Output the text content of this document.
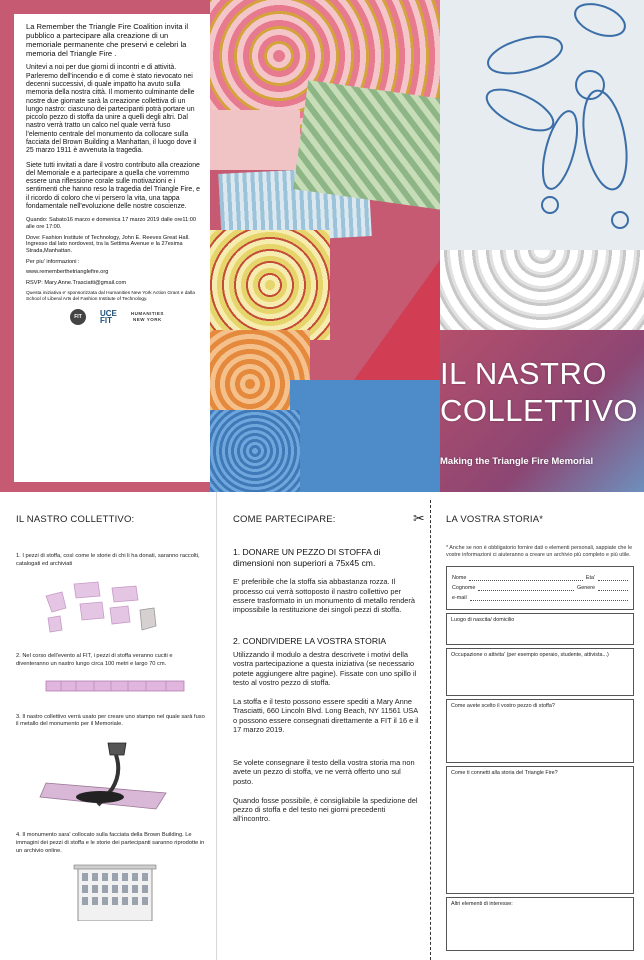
La Remember the Triangle Fire Coalition invita il pubblico a partecipare alla creazione di un memoriale permanente che preservi e celebri la memoria del Triangle Fire .

Unitevi a noi per due giorni di incontri e di attività. Parleremo dell'incendio e di come è stato rievocato nei decenni successivi, di quale impatto ha avuto sulla memoria della nostra città. Il momento culminante delle nostre due giornate sarà la creazione collettiva di un lungo nastro: ciascuno dei partecipanti potrà portare un piccolo pezzo di stoffa da unire a quelli degli altri. Dal nastro verrà tratto un calco nel quale verrà fuso l'elemento centrale del monumento da collocare sulla facciata del Brown Building a Manhattan, il luogo dove il 25 marzo 1911 è avvenuta la tragedia.

Siete tutti invitati a dare il vostro contributo alla creazione del Memoriale e a partecipare a quella che vorremmo essere una riflessione corale sulle motivazioni e i sentimenti che hanno reso la tragedia del Triangle Fire, e il ricordo di coloro che vi persero la vita, una tappa fondamentale nell'evoluzione delle nostre coscienze.

Quando: Sabato16 marzo e domenica 17 marzo 2019 dalle ore11:00 alle ore 17:00.

Dove: Fashion Institute of Technology, John E. Reeves Great Hall. Ingresso dal lato nordovest, tra la Settima Avenue e la 27esima Strada,Manhattan.

Per piu' informazioni :

www.rememberthetrianglefire.org

RSVP: Mary.Anne.Trasciatti@gmail.com

Questa iniziativa e' sponsorizzata dal Humanities New York Action Grant e dalla School of Liberal Arts del Fashion Institute of Technology.

FIT	UCE
FIT
HUMANITIES
NEW YORK
IL NASTRO
COLLETTIVO
Making the Triangle Fire Memorial
IL NASTRO COLLETTIVO:
1. I pezzi di stoffa, così come le storie di chi li ha donati, saranno raccolti, catalogati ed archiviati
2. Nel corso dell'evento al FIT, i pezzi di stoffa veranno cuciti e diventeranno un nastro lungo circa 100 metri e largo 70 cm.
3. Il nastro collettivo verrà usato per creare uno stampo nel quale sarà fuso il metallo del monumento per il Memoriale.
4. Il monumento sara' collocato sulla facciata della Brown Building. Le immagini dei pezzi di stoffa e le storie dei partecipanti saranno riprodotte in un archivio online.
COME PARTECIPARE:
1. DONARE UN PEZZO DI STOFFA di dimensioni non superiori a 75x45 cm.
E' preferibile che la stoffa sia abbastanza rozza. Il processo cui verrà sottoposto il nastro collettivo per essere trasformato in un monumento di metallo renderà impossibile la restituzione dei singoli pezzi di stoffa.
2. CONDIVIDERE LA VOSTRA STORIA
Utilizzando il modulo a destra descrivete i motivi della vostra partecipazione a questa iniziativa (se necessario potete aggiungere altre pagine). Fissate con uno spillo il testo al vostro pezzo di stoffa.
La stoffa e il testo possono essere spediti a Mary Anne Trasciatti, 660 Lincoln Blvd. Long Beach, NY 11561 USA o possono essere consegnati direttamente a FIT il 16 e il 17 marzo 2019.
Se volete consegnare il testo della vostra storia ma non avete un pezzo di stoffa, ve ne verrà offerto uno sul posto.
Quando fosse possibile, è consigliabile la spedizione del pezzo di stoffa e del testo nei giorni precedenti all'incontro.
✂ LA VOSTRA STORIA*
* Anche se non è obbligatorio fornire dati o elementi personali, sappiate che le vostre informazioni ci aiuteranno a creare un archivio più completo e più utile.
Nome	Eta'
Cognome	Genere
e-mail
Luogo di nascita/ domicilio
Occupazione o attivita' (per esempio operaio, studente, attivista...)
Come avete scelto il vostro pezzo di stoffa?
Come ti connetti alla storia del Triangle Fire?
Altri elementi di interesse:
